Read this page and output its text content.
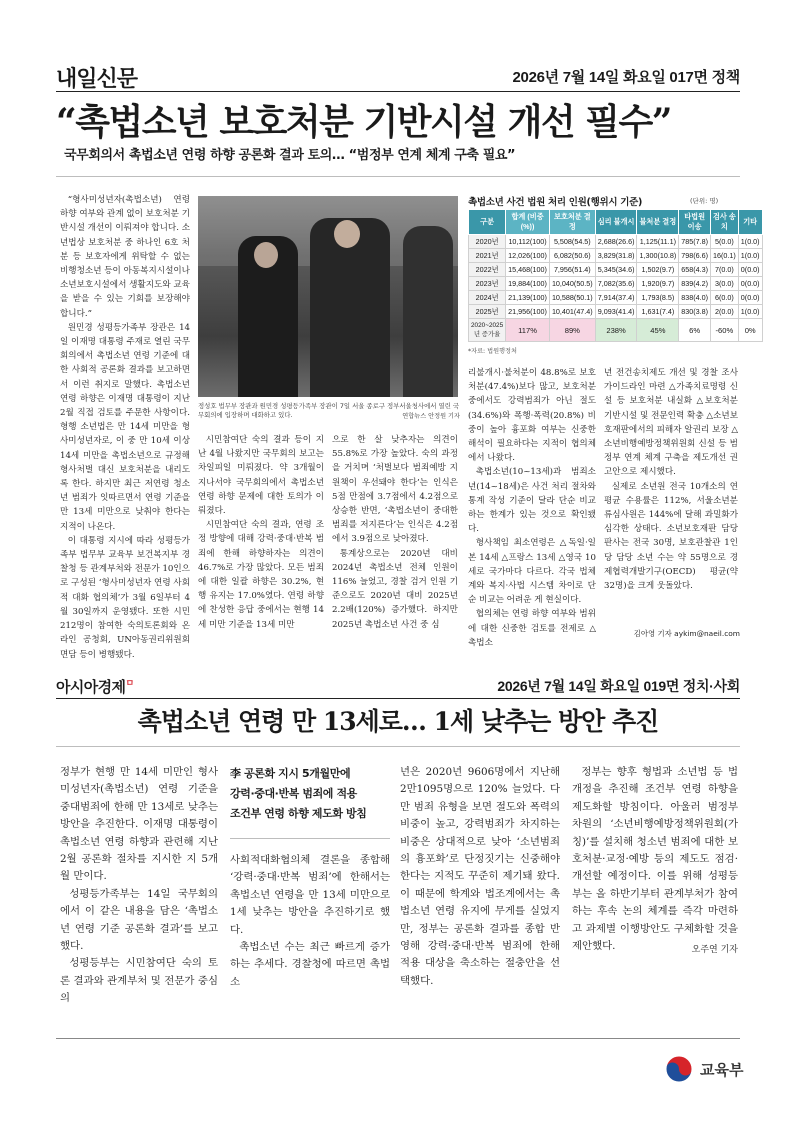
내일신문	2026년 7월 14일 화요일 017면 정책
“촉법소년 보호처분 기반시설 개선 필수”
국무회의서 촉법소년 연령 하향 공론화 결과 토의… “범정부 연계 체계 구축 필요”

“형사미성년자(촉법소년) 연령 하향 여부와 관계 없이 보호처분 기반시설 개선이 이뤄져야 합니다. 소년법상 보호처분 중 하나인 6호 처분 등 보호자에게 위탁할 수 없는 비행청소년 등이 아동복지시설이나 소년보호시설에서 생활지도와 교육을 받을 수 있는 기회를 보장해야 합니다.”

원민경 성평등가족부 장관은 14일 이재명 대통령 주재로 열린 국무회의에서 촉법소년 연령 기준에 대한 사회적 공론화 결과를 보고하면서 이런 취지로 말했다. 촉법소년 연령 하향은 이재명 대통령이 지난 2월 직접 검토를 주문한 사항이다. 형행 소년법은 만 14세 미만을 형사미성년자로, 이 중 만 10세 이상 14세 미만을 촉법소년으로 규정해 형사처벌 대신 보호처분을 내리도록 한다. 하지만 최근 저연령 청소년 범죄가 잇따르면서 연령 기준을 만 13세 미만으로 낮춰야 한다는 지적이 나온다.

이 대통령 지시에 따라 성평등가족부 법무부 교육부 보건복지부 경찰청 등 관계부처와 전문가 10인으로 구성된 ‘형사미성년자 연령 사회적 대화 협의체’가 3월 6일부터 4월 30일까지 운영됐다. 또한 시민 212명이 참여한 숙의토론회와 온라인 공청회, UN아동권리위원회 면담 등이 병행됐다.

정성호 법무부 장관과 원민경 성평등가족부 장관이 7일 서울 종로구 정부서울청사에서 열린 국무회의에 입장하며 대화하고 있다.	연합뉴스 안정원 기자

시민참여단 숙의 결과 등이 지난 4월 나왔지만 국무회의 보고는 차일피일 미뤄졌다. 약 3개월이 지나서야 국무회의에서 촉법소년 연령 하향 문제에 대한 토의가 이뤄졌다.

시민참여단 숙의 결과, 연령 조정 방향에 대해 강력·중대·반복 범죄에 한해 하향하자는 의견이 46.7%로 가장 많았다. 모든 범죄에 대한 일괄 하향은 30.2%, 현행 유지는 17.0%였다. 연령 하향에 찬성한 응답 중에서는 현행 14세 미만 기준을 13세 미만

으로 한 살 낮추자는 의견이 55.8%로 가장 높았다. 숙의 과정을 거치며 ‘처벌보다 범죄예방 지원책이 우선돼야 한다’는 인식은 5점 만점에 3.7점에서 4.2점으로 상승한 반면, ‘촉법소년이 중대한 범죄를 저지른다’는 인식은 4.2점에서 3.9점으로 낮아졌다.

통계상으로는 2020년 대비 2024년 촉법소년 전체 인원이 116% 늘었고, 경찰 검거 인원 기준으로도 2020년 대비 2025년 2.2배(120%) 증가했다. 하지만 2025년 촉법소년 사건 중 심

촉법소년 사건 법원 처리 인원(행위시 기준)	(단위: 명)
구분	합계 (비중(%))	보호처분 결정	심리 불개시	불처분 결정	타법원 이송	검사 송치	기타
2020년	10,112(100)	5,508(54.5)	2,688(26.6)	1,125(11.1)	785(7.8)	5(0.0)	1(0.0)
2021년	12,026(100)	6,082(50.6)	3,829(31.8)	1,300(10.8)	798(6.6)	16(0.1)	1(0.0)
2022년	15,468(100)	7,956(51.4)	5,345(34.6)	1,502(9.7)	658(4.3)	7(0.0)	0(0.0)
2023년	19,884(100)	10,040(50.5)	7,082(35.6)	1,920(9.7)	839(4.2)	3(0.0)	0(0.0)
2024년	21,139(100)	10,588(50.1)	7,914(37.4)	1,793(8.5)	838(4.0)	6(0.0)	0(0.0)
2025년	21,956(100)	10,401(47.4)	9,093(41.4)	1,631(7.4)	830(3.8)	2(0.0)	1(0.0)
2020~2025년 증가율	117%	89%	238%	45%	6%	-60%	0%
*자료: 법원행정처

리불개시·불처분이 48.8%로 보호처분(47.4%)보다 많고, 보호처분 중에서도 강력범죄가 아닌 절도(34.6%)와 폭행·폭력(20.8%) 비중이 높아 흉포화 여부는 신중한 해석이 필요하다는 지적이 협의체에서 나왔다.

촉법소년(10~13세)과 범죄소년(14~18세)은 사건 처리 절차와 통계 작성 기준이 달라 단순 비교하는 한계가 있는 것으로 확인됐다.

형사책임 최소연령은 △독일·일본 14세 △프랑스 13세 △영국 10세로 국가마다 다르다. 각국 법체계와 복지·사법 시스템 차이로 단순 비교는 어려운 게 현실이다.

협의체는 연령 하향 여부와 범위에 대한 신중한 검토를 전제로 △촉법소

년 전건송치제도 개선 및 경찰 조사 가이드라인 마련 △가족치료명령 신설 등 보호처분 내실화 △보호처분 기반시설 및 전문인력 확충 △소년보호재판에서의 피해자 알권리 보장 △소년비행예방정책위원회 신설 등 범정부 연계 체계 구축을 제도개선 권고안으로 제시했다.

실제로 소년원 전국 10개소의 연평균 수용률은 112%, 서울소년분류심사원은 144%에 달해 과밀화가 심각한 상태다. 소년보호재판 담당 판사는 전국 30명, 보호관찰관 1인당 담당 소년 수는 약 55명으로 경제협력개발기구(OECD) 평균(약 32명)을 크게 웃돌았다.

김아영 기자 aykim@naeil.com
아시아경제$^ㅁ$	2026년 7월 14일 화요일 019면 정치·사회
촉법소년 연령 만 13세로… 1세 낮추는 방안 추진

정부가 현행 만 14세 미만인 형사미성년자(촉법소년) 연령 기준을 중대범죄에 한해 만 13세로 낮추는 방안을 추진한다. 이재명 대통령이 촉법소년 연령 하향과 관련해 지난 2월 공론화 절차를 지시한 지 5개월 만이다.

성평등가족부는 14일 국무회의에서 이 같은 내용을 담은 ‘촉법소년 연령 기준 공론화 결과’를 보고했다.

성평등부는 시민참여단 숙의 토론 결과와 관계부처 및 전문가 중심의

李 공론화 지시 5개월만에
강력·중대·반복 범죄에 적용
조건부 연령 하향 제도화 방침

사회적대화협의체 결론을 종합해 ‘강력·중대·반복 범죄’에 한해서는 촉법소년 연령을 만 13세 미만으로 1세 낮추는 방안을 추진하기로 했다.

촉법소년 수는 최근 빠르게 증가하는 추세다. 경찰청에 따르면 촉법소

년은 2020년 9606명에서 지난해 2만1095명으로 120% 늘었다. 다만 범죄 유형을 보면 절도와 폭력의 비중이 높고, 강력범죄가 차지하는 비중은 상대적으로 낮아 ‘소년범죄의 흉포화’로 단정짓기는 신중해야 한다는 지적도 꾸준히 제기돼 왔다. 이 때문에 학계와 법조계에서는 촉법소년 연령 유지에 무게를 실었지만, 정부는 공론화 결과를 종합 반영해 강력·중대·반복 범죄에 한해 적용 대상을 축소하는 절충안을 선택했다.

정부는 향후 형법과 소년법 등 법 개정을 추진해 조건부 연령 하향을 제도화할 방침이다. 아울러 범정부 차원의 ‘소년비행예방정책위원회(가칭)’를 설치해 청소년 범죄에 대한 보호처분·교정·예방 등의 제도도 점검·개선할 예정이다. 이를 위해 성평등부는 올 하반기부터 관계부처가 참여하는 후속 논의 체계를 즉각 마련하고 과제별 이행방안도 구체화할 것을 제안했다.	오주연 기자
교육부
